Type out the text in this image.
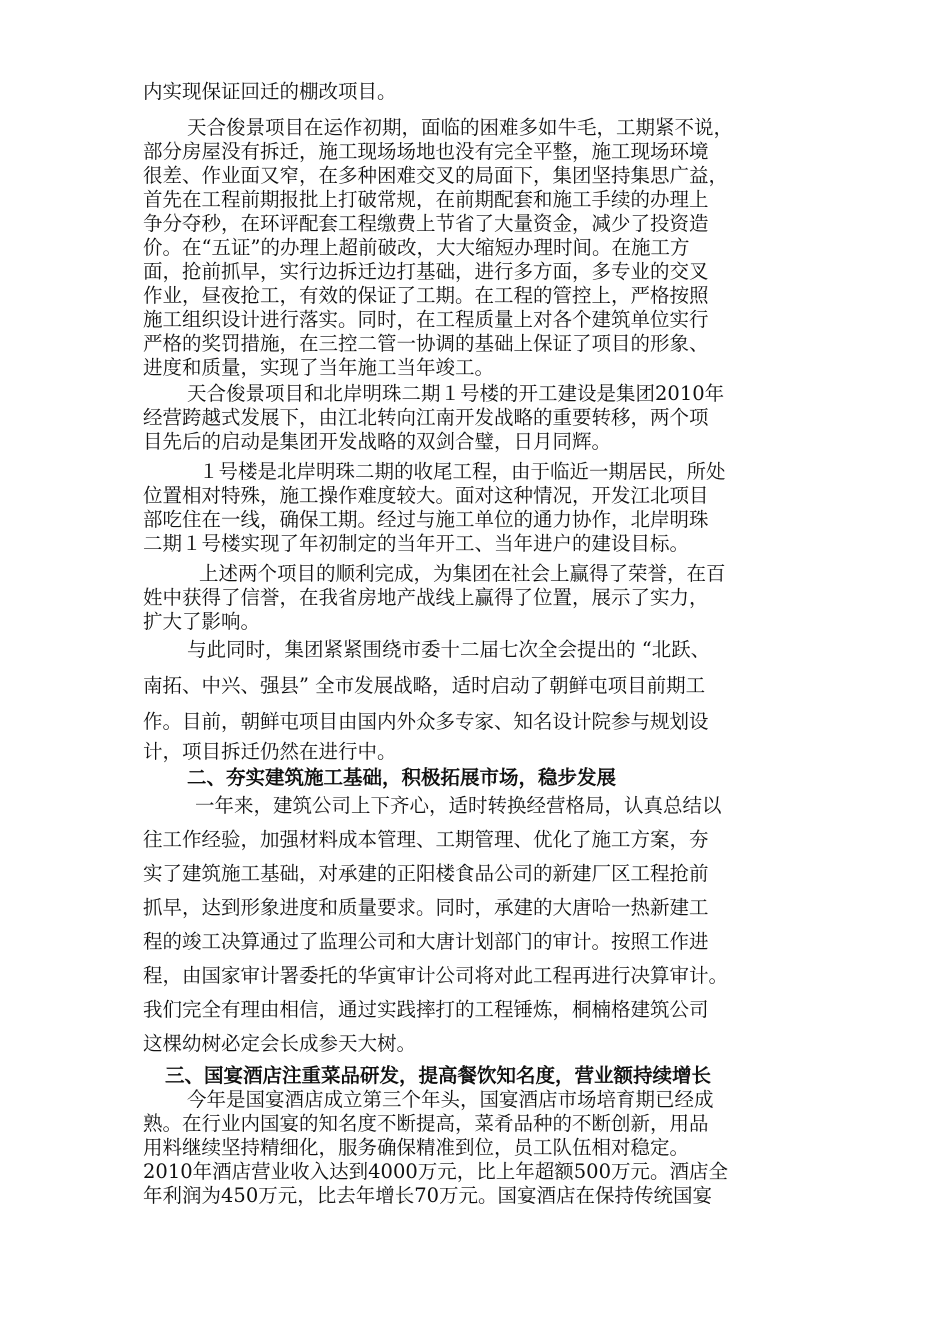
内实现保证回迁的棚改项目。
天合俊景项目在运作初期，面临的困难多如牛毛，工期紧不说，
部分房屋没有拆迁，施工现场场地也没有完全平整，施工现场环境
很差、作业面又窄，在多种困难交叉的局面下，集团坚持集思广益，
首先在工程前期报批上打破常规，在前期配套和施工手续的办理上
争分夺秒，在环评配套工程缴费上节省了大量资金，减少了投资造
价。在“五证”的办理上超前破改，大大缩短办理时间。在施工方
面，抢前抓早，实行边拆迁边打基础，进行多方面，多专业的交叉
作业，昼夜抢工，有效的保证了工期。在工程的管控上，严格按照
施工组织设计进行落实。同时，在工程质量上对各个建筑单位实行
严格的奖罚措施，在三控二管一协调的基础上保证了项目的形象、
进度和质量，实现了当年施工当年竣工。
天合俊景项目和北岸明珠二期１号楼的开工建设是集团2010年
经营跨越式发展下，由江北转向江南开发战略的重要转移，两个项
目先后的启动是集团开发战略的双剑合璧，日月同辉。
１号楼是北岸明珠二期的收尾工程，由于临近一期居民，所处
位置相对特殊，施工操作难度较大。面对这种情况，开发江北项目
部吃住在一线，确保工期。经过与施工单位的通力协作，北岸明珠
二期１号楼实现了年初制定的当年开工、当年进户的建设目标。
上述两个项目的顺利完成，为集团在社会上赢得了荣誉，在百
姓中获得了信誉，在我省房地产战线上赢得了位置，展示了实力，
扩大了影响。
与此同时，集团紧紧围绕市委十二届七次全会提出的 “北跃、
南拓、中兴、强县” 全市发展战略，适时启动了朝鲜屯项目前期工
作。目前，朝鲜屯项目由国内外众多专家、知名设计院参与规划设
计，项目拆迁仍然在进行中。
二、夯实建筑施工基础，积极拓展市场，稳步发展
一年来，建筑公司上下齐心，适时转换经营格局，认真总结以
往工作经验，加强材料成本管理、工期管理、优化了施工方案，夯
实了建筑施工基础，对承建的正阳楼食品公司的新建厂区工程抢前
抓早，达到形象进度和质量要求。同时，承建的大唐哈一热新建工
程的竣工决算通过了监理公司和大唐计划部门的审计。按照工作进
程，由国家审计署委托的华寅审计公司将对此工程再进行决算审计。
我们完全有理由相信，通过实践摔打的工程锤炼，桐楠格建筑公司
这棵幼树必定会长成参天大树。
三、国宴酒店注重菜品研发，提高餐饮知名度，营业额持续增长
今年是国宴酒店成立第三个年头，国宴酒店市场培育期已经成
熟。在行业内国宴的知名度不断提高，菜肴品种的不断创新，用品
用料继续坚持精细化，服务确保精准到位，员工队伍相对稳定。
2010年酒店营业收入达到4000万元，比上年超额500万元。酒店全
年利润为450万元，比去年增长70万元。国宴酒店在保持传统国宴
